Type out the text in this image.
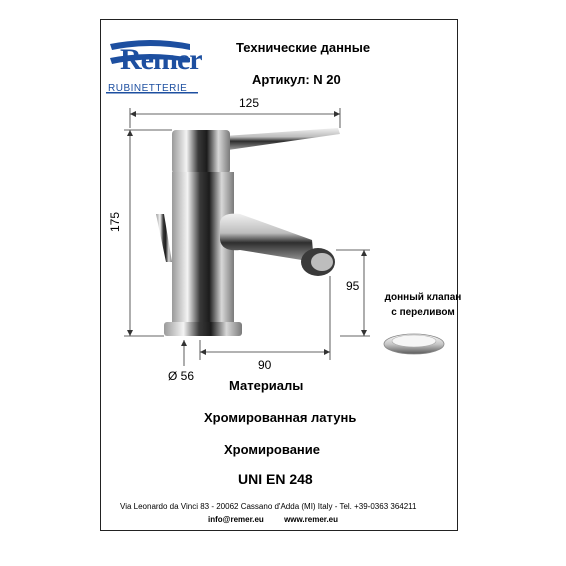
Remer
RUBINETTERIE
Технические данные
Артикул: N 20
125
175
95
90
Ø 56
донный клапан
с переливом
Материалы
Хромированная латунь
Хромирование
UNI EN 248
Via Leonardo da Vinci 83 - 20062 Cassano d'Adda (MI) Italy - Tel. +39-0363 364211
info@remer.eu	www.remer.eu
